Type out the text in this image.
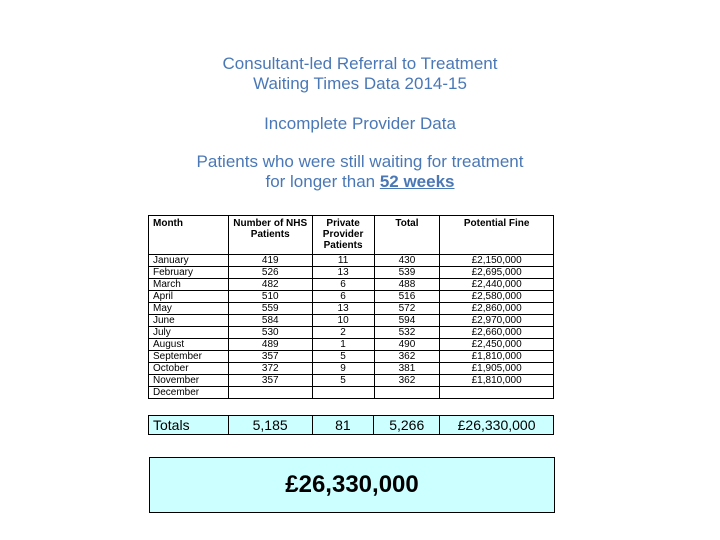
Consultant-led Referral to Treatment
Waiting Times Data 2014-15
Incomplete Provider Data
Patients who were still waiting for treatment
for longer than 52 weeks
Month	Number of NHS Patients	Private Provider Patients	Total	Potential Fine
January	419	11	430	£2,150,000
February	526	13	539	£2,695,000
March	482	6	488	£2,440,000
April	510	6	516	£2,580,000
May	559	13	572	£2,860,000
June	584	10	594	£2,970,000
July	530	2	532	£2,660,000
August	489	1	490	£2,450,000
September	357	5	362	£1,810,000
October	372	9	381	£1,905,000
November	357	5	362	£1,810,000
December				
Totals	5,185	81	5,266	£26,330,000
£26,330,000
